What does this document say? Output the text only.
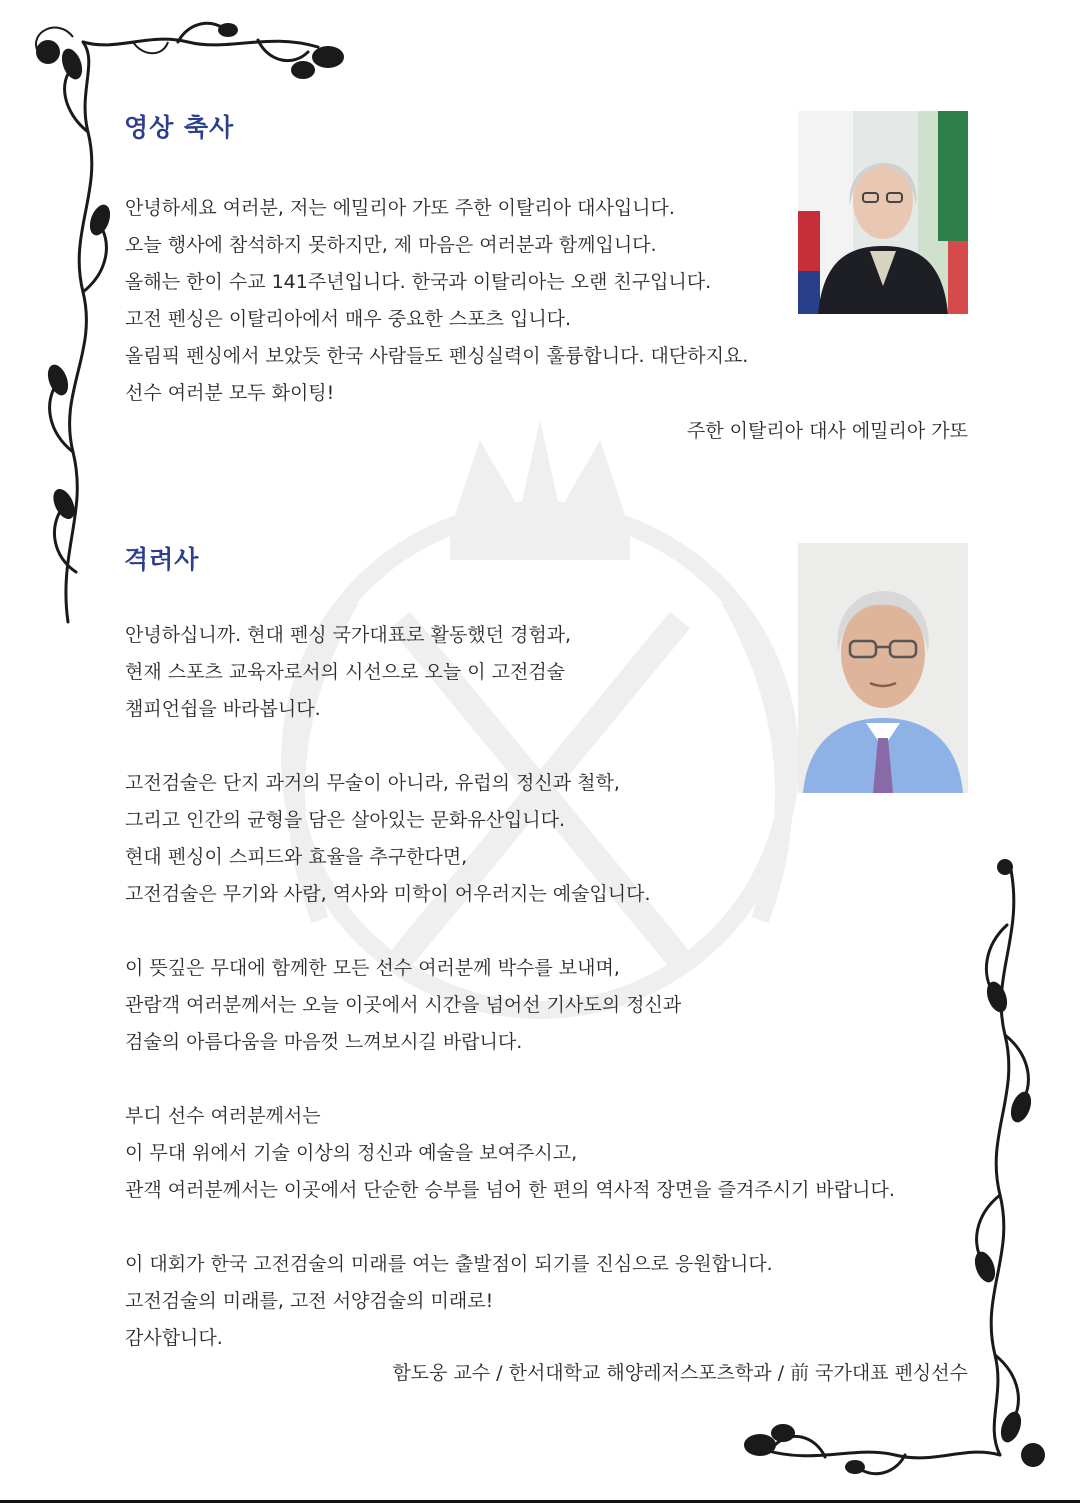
영상 축사
안녕하세요 여러분, 저는 에밀리아 가또 주한 이탈리아 대사입니다.
오늘 행사에 참석하지 못하지만, 제 마음은 여러분과 함께입니다.
올해는 한이 수교 141주년입니다. 한국과 이탈리아는 오랜 친구입니다.
고전 펜싱은 이탈리아에서 매우 중요한 스포츠 입니다.
올림픽 펜싱에서 보았듯 한국 사람들도 펜싱실력이 훌륭합니다. 대단하지요.
선수 여러분 모두 화이팅!
주한 이탈리아 대사 에밀리아 가또
격려사
안녕하십니까. 현대 펜싱 국가대표로 활동했던 경험과,
현재 스포츠 교육자로서의 시선으로 오늘 이 고전검술
챔피언쉽을 바라봅니다.
고전검술은 단지 과거의 무술이 아니라, 유럽의 정신과 철학,
그리고 인간의 균형을 담은 살아있는 문화유산입니다.
현대 펜싱이 스피드와 효율을 추구한다면,
고전검술은 무기와 사람, 역사와 미학이 어우러지는 예술입니다.
이 뜻깊은 무대에 함께한 모든 선수 여러분께 박수를 보내며,
관람객 여러분께서는 오늘 이곳에서 시간을 넘어선 기사도의 정신과
검술의 아름다움을 마음껏 느껴보시길 바랍니다.
부디 선수 여러분께서는
이 무대 위에서 기술 이상의 정신과 예술을 보여주시고,
관객 여러분께서는 이곳에서 단순한 승부를 넘어 한 편의 역사적 장면을 즐겨주시기 바랍니다.
이 대회가 한국 고전검술의 미래를 여는 출발점이 되기를 진심으로 응원합니다.
고전검술의 미래를, 고전 서양검술의 미래로!
감사합니다.
함도웅 교수 / 한서대학교 해양레저스포츠학과 / 前 국가대표 펜싱선수
